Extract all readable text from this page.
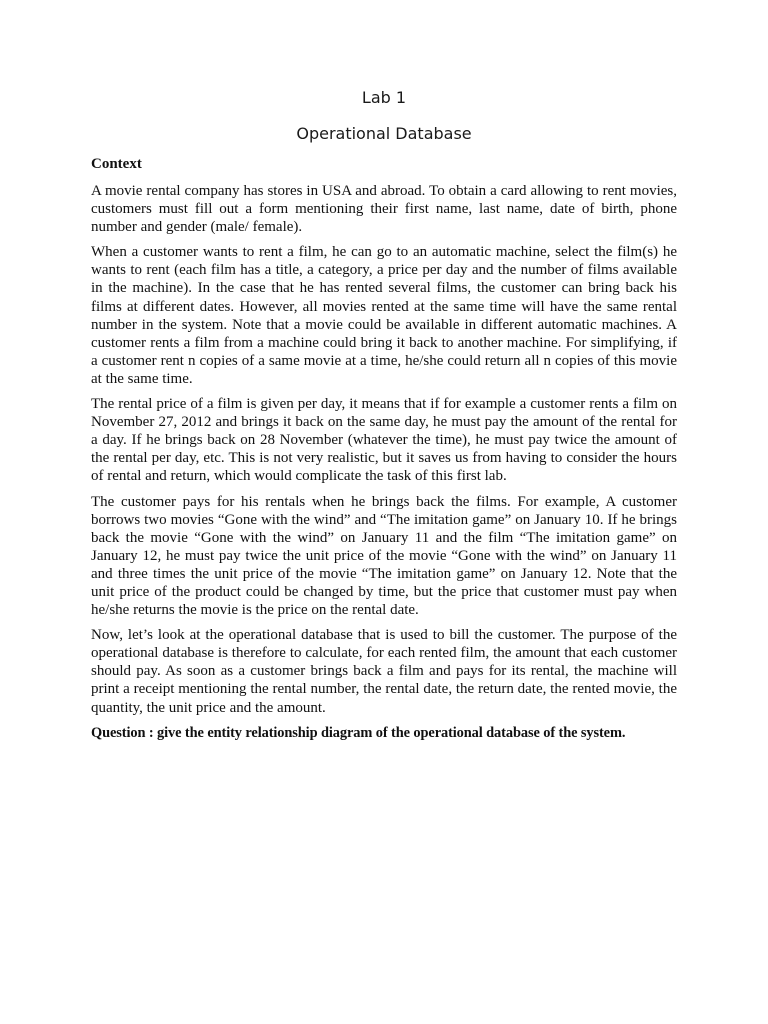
Lab 1
Operational Database
Context

A movie rental company has stores in USA and abroad. To obtain a card allowing to rent movies, customers must fill out a form mentioning their first name, last name, date of birth, phone number and gender (male/ female).

When a customer wants to rent a film, he can go to an automatic machine, select the film(s) he wants to rent (each film has a title, a category, a price per day and the number of films available in the machine). In the case that he has rented several films, the customer can bring back his films at different dates. However, all movies rented at the same time will have the same rental number in the system. Note that a movie could be available in different automatic machines. A customer rents a film from a machine could bring it back to another machine. For simplifying, if a customer rent n copies of a same movie at a time, he/she could return all n copies of this movie at the same time.

The rental price of a film is given per day, it means that if for example a customer rents a film on November 27, 2012 and brings it back on the same day, he must pay the amount of the rental for a day. If he brings back on 28 November (whatever the time), he must pay twice the amount of the rental per day, etc. This is not very realistic, but it saves us from having to consider the hours of rental and return, which would complicate the task of this first lab.

The customer pays for his rentals when he brings back the films. For example, A customer borrows two movies “Gone with the wind” and “The imitation game” on January 10. If he brings back the movie “Gone with the wind” on January 11 and the film “The imitation game” on January 12, he must pay twice the unit price of the movie “Gone with the wind” on January 11 and three times the unit price of the movie “The imitation game” on January 12. Note that the unit price of the product could be changed by time, but the price that customer must pay when he/she returns the movie is the price on the rental date.

Now, let’s look at the operational database that is used to bill the customer. The purpose of the operational database is therefore to calculate, for each rented film, the amount that each customer should pay. As soon as a customer brings back a film and pays for its rental, the machine will print a receipt mentioning the rental number, the rental date, the return date, the rented movie, the quantity, the unit price and the amount.

Question : give the entity relationship diagram of the operational database of the system.
